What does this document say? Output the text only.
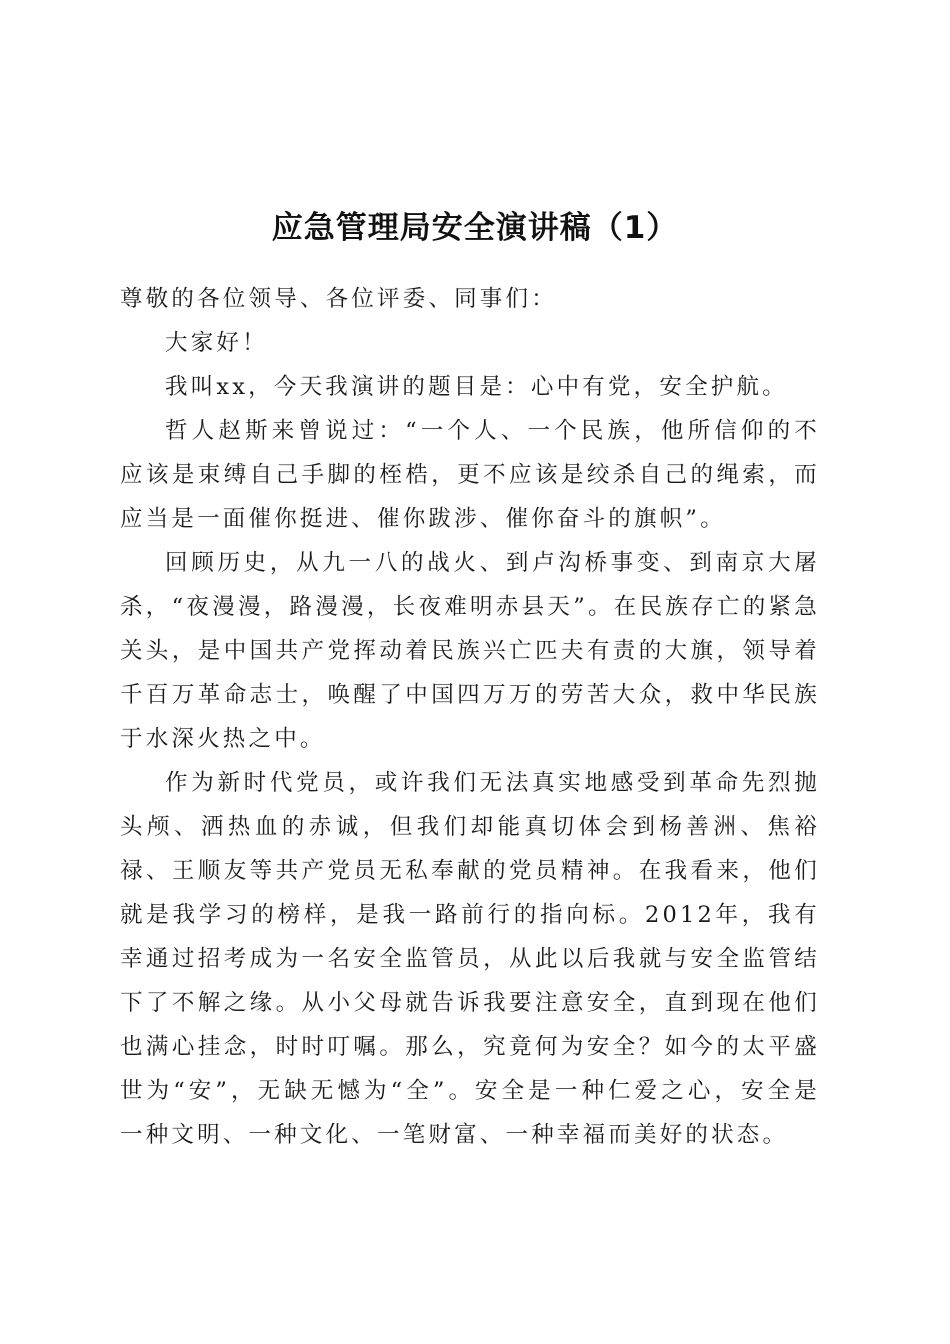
应急管理局安全演讲稿（1）

尊敬的各位领导、各位评委、同事们：

大家好！

我叫xx，今天我演讲的题目是：心中有党，安全护航。

哲人赵斯来曾说过：“一个人、一个民族，他所信仰的不应该是束缚自己手脚的桎梏，更不应该是绞杀自己的绳索，而应当是一面催你挺进、催你跋涉、催你奋斗的旗帜”。

回顾历史，从九一八的战火、到卢沟桥事变、到南京大屠杀，“夜漫漫，路漫漫，长夜难明赤县天”。在民族存亡的紧急关头，是中国共产党挥动着民族兴亡匹夫有责的大旗，领导着千百万革命志士，唤醒了中国四万万的劳苦大众，救中华民族于水深火热之中。

作为新时代党员，或许我们无法真实地感受到革命先烈抛头颅、洒热血的赤诚，但我们却能真切体会到杨善洲、焦裕禄、王顺友等共产党员无私奉献的党员精神。在我看来，他们就是我学习的榜样，是我一路前行的指向标。2012年，我有幸通过招考成为一名安全监管员，从此以后我就与安全监管结下了不解之缘。从小父母就告诉我要注意安全，直到现在他们也满心挂念，时时叮嘱。那么，究竟何为安全？如今的太平盛世为“安”，无缺无憾为“全”。安全是一种仁爱之心，安全是一种文明、一种文化、一笔财富、一种幸福而美好的状态。
